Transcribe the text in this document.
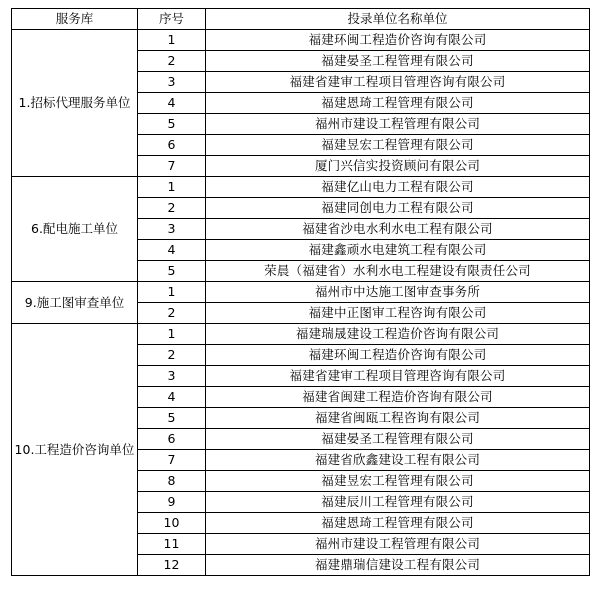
服务库	序号	投录单位名称单位
1.招标代理服务单位	1	福建环闽工程造价咨询有限公司
	2	福建晏圣工程管理有限公司
	3	福建省建审工程项目管理咨询有限公司
	4	福建恩琦工程管理有限公司
	5	福州市建设工程管理有限公司
	6	福建昱宏工程管理有限公司
	7	厦门兴信实投资顾问有限公司
6.配电施工单位	1	福建亿山电力工程有限公司
	2	福建同创电力工程有限公司
	3	福建省沙电水利水电工程有限公司
	4	福建鑫顽水电建筑工程有限公司
	5	荣晨（福建省）水利水电工程建设有限责任公司
9.施工图审查单位	1	福州市中达施工图审查事务所
	2	福建中正图审工程咨询有限公司
10.工程造价咨询单位	1	福建瑞晟建设工程造价咨询有限公司
	2	福建环闽工程造价咨询有限公司
	3	福建省建审工程项目管理咨询有限公司
	4	福建省闽建工程造价咨询有限公司
	5	福建省闽瓯工程咨询有限公司
	6	福建晏圣工程管理有限公司
	7	福建省欣鑫建设工程有限公司
	8	福建昱宏工程管理有限公司
	9	福建辰川工程管理有限公司
	10	福建恩琦工程管理有限公司
	11	福州市建设工程管理有限公司
	12	福建鼎瑞信建设工程有限公司
